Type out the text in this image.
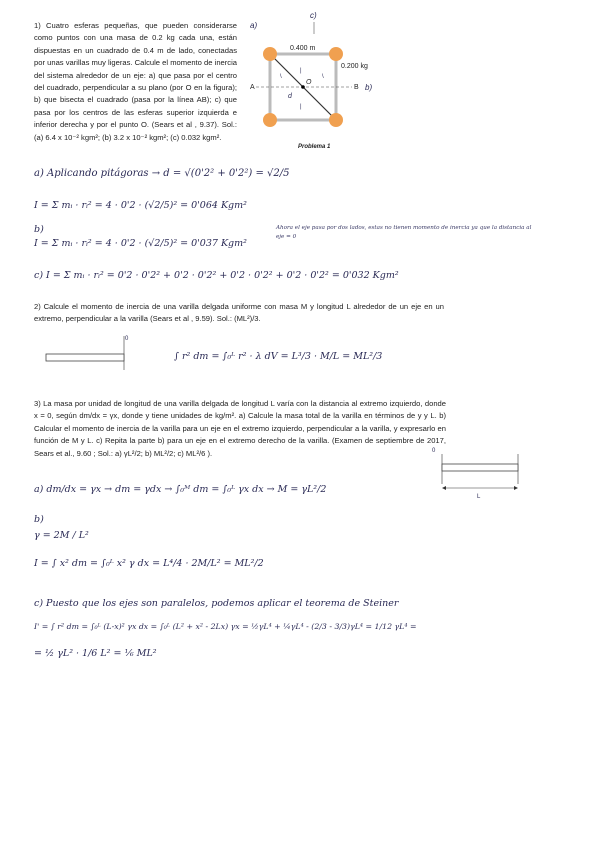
1) Cuatro esferas pequeñas, que pueden considerarse como puntos con una masa de 0.2 kg cada una, están dispuestas en un cuadrado de 0.4 m de lado, conectadas por unas varillas muy ligeras. Calcule el momento de inercia del sistema alrededor de un eje: a) que pasa por el centro del cuadrado, perpendicular a su plano (por O en la figura); b) que bisecta el cuadrado (pasa por la línea AB); c) que pasa por los centros de las esferas superior izquierda e inferior derecha y por el punto O. (Sears et al , 9.37). Sol.: (a) 6.4 x 10⁻² kgm²; (b) 3.2 x 10⁻² kgm²; (c) 0.032 kgm².
c)
a)
\	\
|
|
0.400 m
0.200 kg
A	B b)
O
d
Problema 1
a) Aplicando pitágoras → d = √(0'2² + 0'2²) = √2/5
I = Σ mᵢ · rᵢ² = 4 · 0'2 · (√2/5)² = 0'064 Kgm²
b)
I = Σ mᵢ · rᵢ² = 4 · 0'2 · (√2/5)² = 0'037 Kgm²
Ahora el eje pasa por dos lados, estas no tienen momento de inercia ya que la distancia al eje = 0
c) I = Σ mᵢ · rᵢ² = 0'2 · 0'2² + 0'2 · 0'2² + 0'2 · 0'2² + 0'2 · 0'2² = 0'032 Kgm²
2) Calcule el momento de inercia de una varilla delgada uniforme con masa M y longitud L alrededor de un eje en un extremo, perpendicular a la varilla (Sears et al , 9.59). Sol.: (ML²)/3.
0
∫ r² dm = ∫₀ᴸ r² · λ dV = L³/3 · M/L = ML²/3
3) La masa por unidad de longitud de una varilla delgada de longitud L varía con la distancia al extremo izquierdo, donde x = 0, según dm/dx = γx, donde y tiene unidades de kg/m². a) Calcule la masa total de la varilla en términos de y y L. b) Calcular el momento de inercia de la varilla para un eje en el extremo izquierdo, perpendicular a la varilla, y expresarlo en función de M y L. c) Repita la parte b) para un eje en el extremo derecho de la varilla. (Examen de septiembre de 2017, Sears et al., 9.60 ; Sol.: a) γL²/2; b) ML²/2; c) ML²/6 ).	0
L
a) dm/dx = γx → dm = γdx → ∫₀ᴹ dm = ∫₀ᴸ γx dx → M = γL²/2
b)
γ = 2M / L²
I = ∫ x² dm = ∫₀ᴸ x² γ dx = L⁴/4 · 2M/L² = ML²/2
c) Puesto que los ejes son paralelos, podemos aplicar el teorema de Steiner
I' = ∫ r² dm = ∫₀ᴸ (L-x)² γx dx = ∫₀ᴸ (L² + x² - 2Lx) γx = ½γL⁴ + ¼γL⁴ - (2/3 - 3/3)γL⁴ = 1/12 γL⁴ =
= ½ γL² · 1/6 L² = ⅙ ML²
